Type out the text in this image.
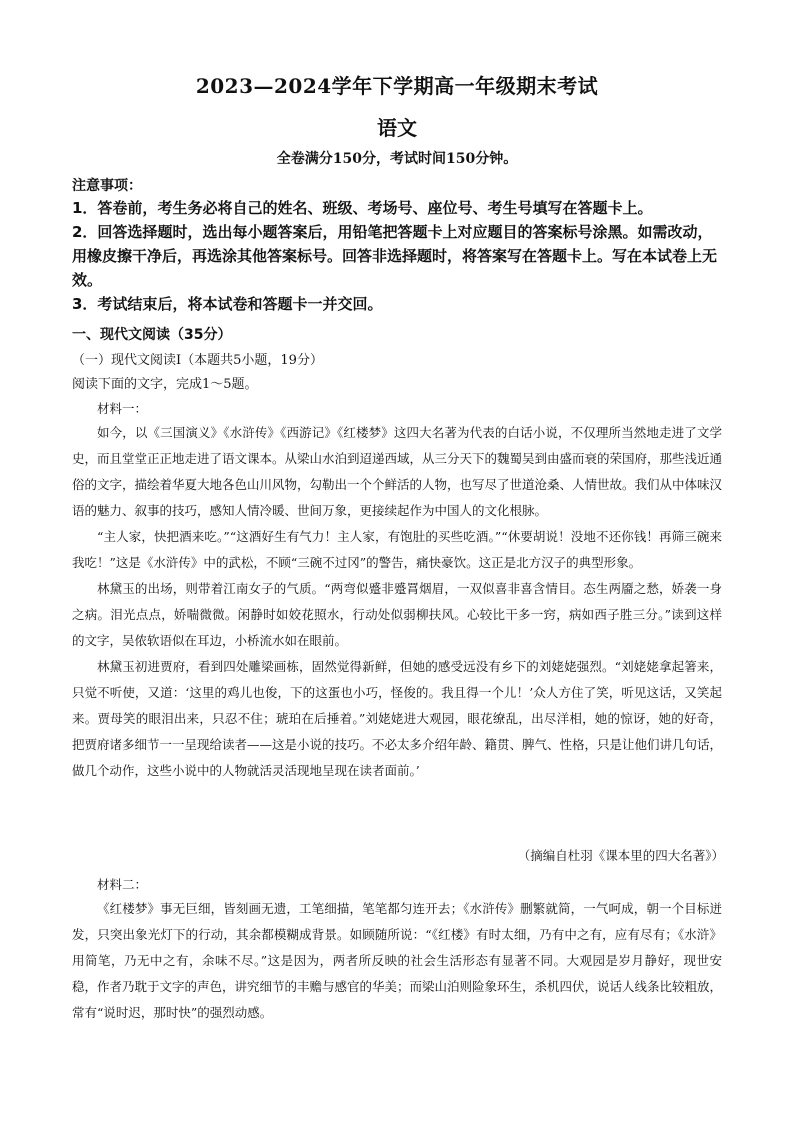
2023—2024学年下学期高一年级期末考试
语文
全卷满分150分，考试时间150分钟。
注意事项：

1．答卷前，考生务必将自己的姓名、班级、考场号、座位号、考生号填写在答题卡上。

2．回答选择题时，选出每小题答案后，用铅笔把答题卡上对应题目的答案标号涂黑。如需改动，用橡皮擦干净后，再选涂其他答案标号。回答非选择题时，将答案写在答题卡上。写在本试卷上无效。

3．考试结束后，将本试卷和答题卡一并交回。

一、现代文阅读（35分）
（一）现代文阅读Ⅰ（本题共5小题，19分）
阅读下面的文字，完成1～5题。

材料一：

如今，以《三国演义》《水浒传》《西游记》《红楼梦》这四大名著为代表的白话小说，不仅理所当然地走进了文学史，而且堂堂正正地走进了语文课本。从梁山水泊到迢递西域，从三分天下的魏蜀吴到由盛而衰的荣国府，那些浅近通俗的文字，描绘着华夏大地各色山川风物，勾勒出一个个鲜活的人物，也写尽了世道沧桑、人情世故。我们从中体味汉语的魅力、叙事的技巧，感知人情冷暖、世间万象，更接续起作为中国人的文化根脉。

“主人家，快把酒来吃。”“这酒好生有气力！主人家，有饱肚的买些吃酒。”“休要胡说！没地不还你钱！再筛三碗来我吃！”这是《水浒传》中的武松，不顾“三碗不过冈”的警告，痛快豪饮。这正是北方汉子的典型形象。

林黛玉的出场，则带着江南女子的气质。“两弯似蹙非蹙罥烟眉，一双似喜非喜含情目。态生两靥之愁，娇袭一身之病。泪光点点，娇喘微微。闲静时如姣花照水，行动处似弱柳扶风。心较比干多一窍，病如西子胜三分。”读到这样的文字，吴侬软语似在耳边，小桥流水如在眼前。

林黛玉初进贾府，看到四处雕梁画栋，固然觉得新鲜，但她的感受远没有乡下的刘姥姥强烈。“刘姥姥拿起箸来，只觉不听使，又道：‘这里的鸡儿也俊，下的这蛋也小巧，怪俊的。我且得一个儿！’众人方住了笑，听见这话，又笑起来。贾母笑的眼泪出来，只忍不住；琥珀在后捶着。”刘姥姥进大观园，眼花缭乱，出尽洋相，她的惊讶，她的好奇，把贾府诸多细节一一呈现给读者——这是小说的技巧。不必太多介绍年龄、籍贯、脾气、性格，只是让他们讲几句话，做几个动作，这些小说中的人物就活灵活现地呈现在读者面前。’

（摘编自杜羽《课本里的四大名著》）

材料二：

《红楼梦》事无巨细，皆刻画无遗，工笔细描，笔笔都匀连开去；《水浒传》删繁就简，一气呵成，朝一个目标迸发，只突出象光灯下的行动，其余都模糊成背景。如顾随所说：“《红楼》有时太细，乃有中之有，应有尽有；《水浒》用简笔，乃无中之有，余味不尽。”这是因为，两者所反映的社会生活形态有显著不同。大观园是岁月静好，现世安稳，作者乃耽于文字的声色，讲究细节的丰赡与感官的华美；而梁山泊则险象环生，杀机四伏，说话人线条比较粗放，常有“说时迟，那时快”的强烈动感。
